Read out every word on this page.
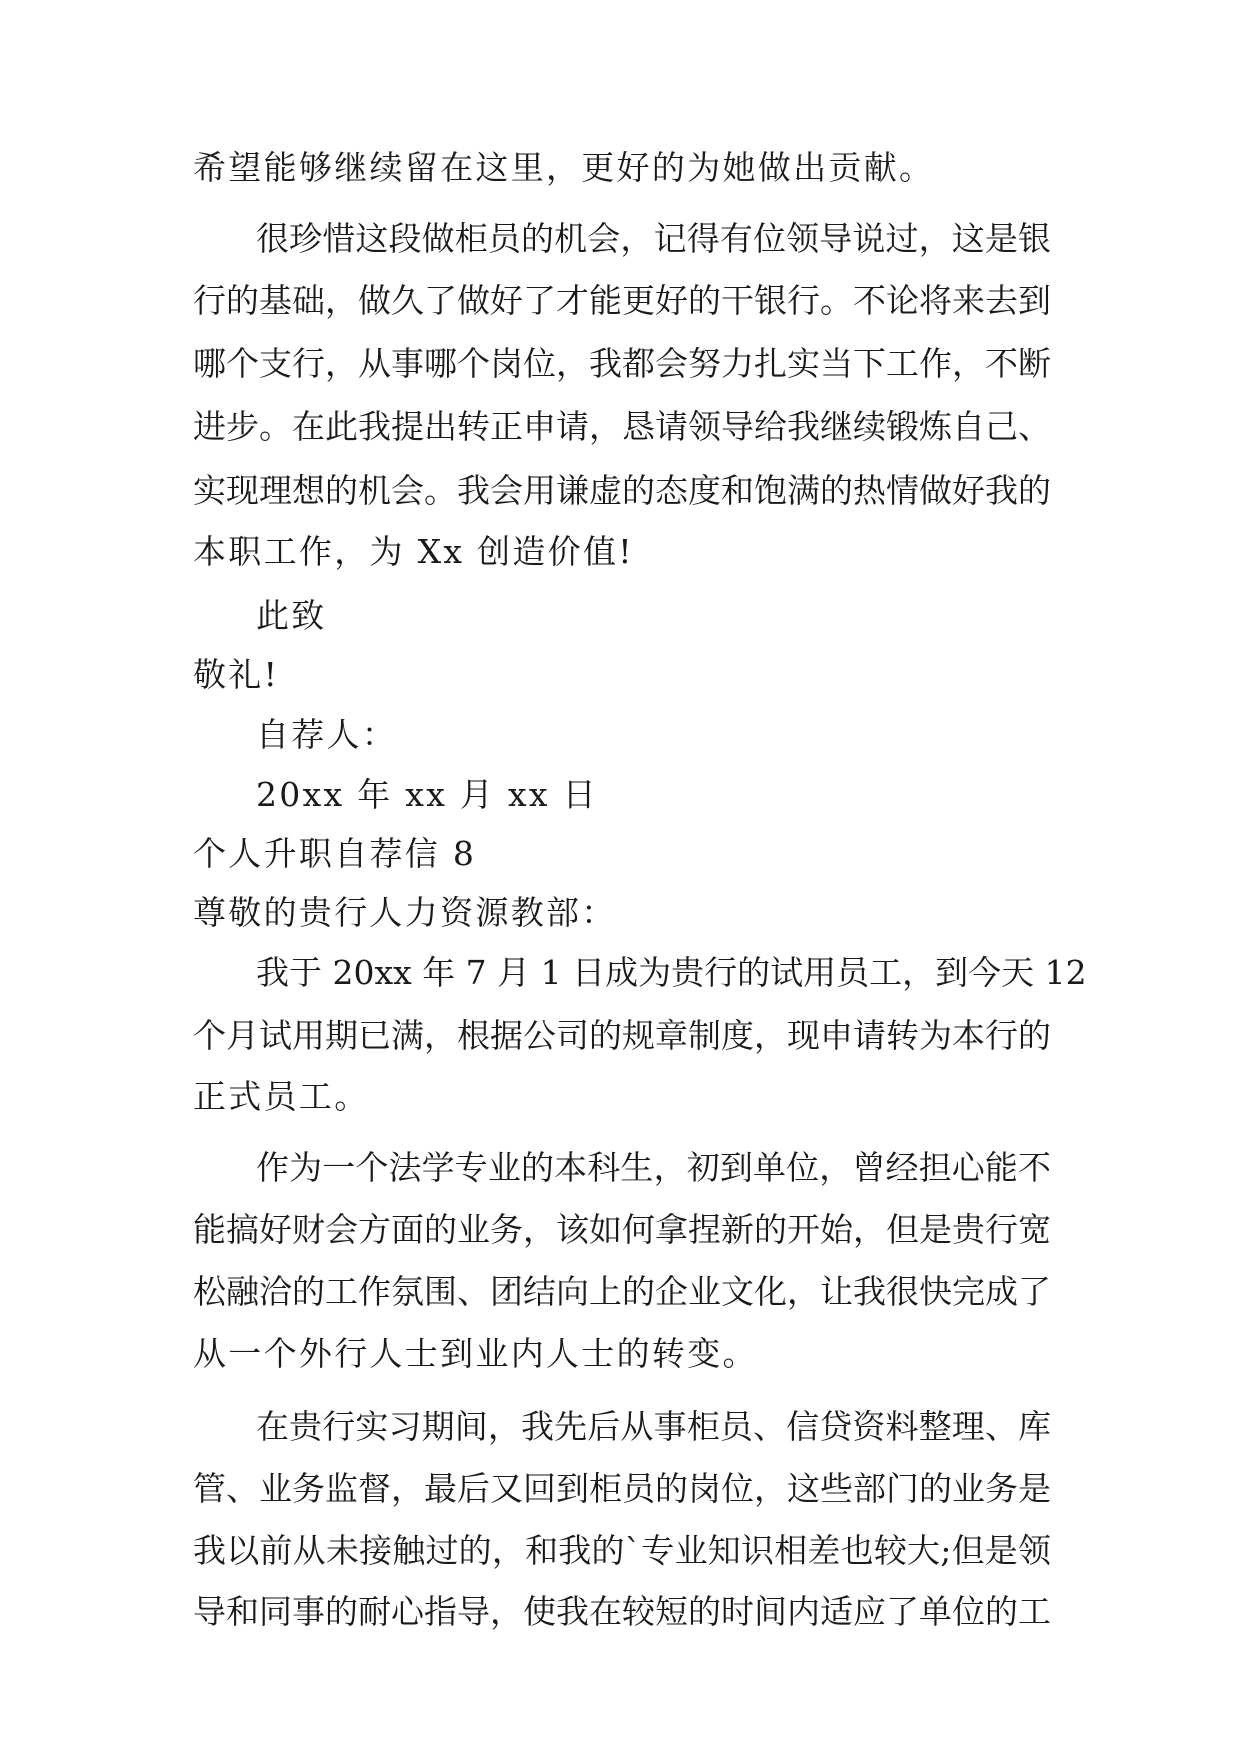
希望能够继续留在这里，更好的为她做出贡献。
很珍惜这段做柜员的机会，记得有位领导说过，这是银
行的基础，做久了做好了才能更好的干银行。不论将来去到
哪个支行，从事哪个岗位，我都会努力扎实当下工作，不断
进步。在此我提出转正申请，恳请领导给我继续锻炼自己、
实现理想的机会。我会用谦虚的态度和饱满的热情做好我的
本职工作，为 Xx 创造价值!
此致
敬礼!
自荐人：
20xx 年 xx 月 xx 日
个人升职自荐信 8
尊敬的贵行人力资源教部：
我于 20xx 年 7 月 1 日成为贵行的试用员工，到今天 12
个月试用期已满，根据公司的规章制度，现申请转为本行的
正式员工。
作为一个法学专业的本科生，初到单位，曾经担心能不
能搞好财会方面的业务，该如何拿捏新的开始，但是贵行宽
松融洽的工作氛围、团结向上的企业文化，让我很快完成了
从一个外行人士到业内人士的转变。
在贵行实习期间，我先后从事柜员、信贷资料整理、库
管、业务监督，最后又回到柜员的岗位，这些部门的业务是
我以前从未接触过的，和我的`专业知识相差也较大;但是领
导和同事的耐心指导，使我在较短的时间内适应了单位的工
